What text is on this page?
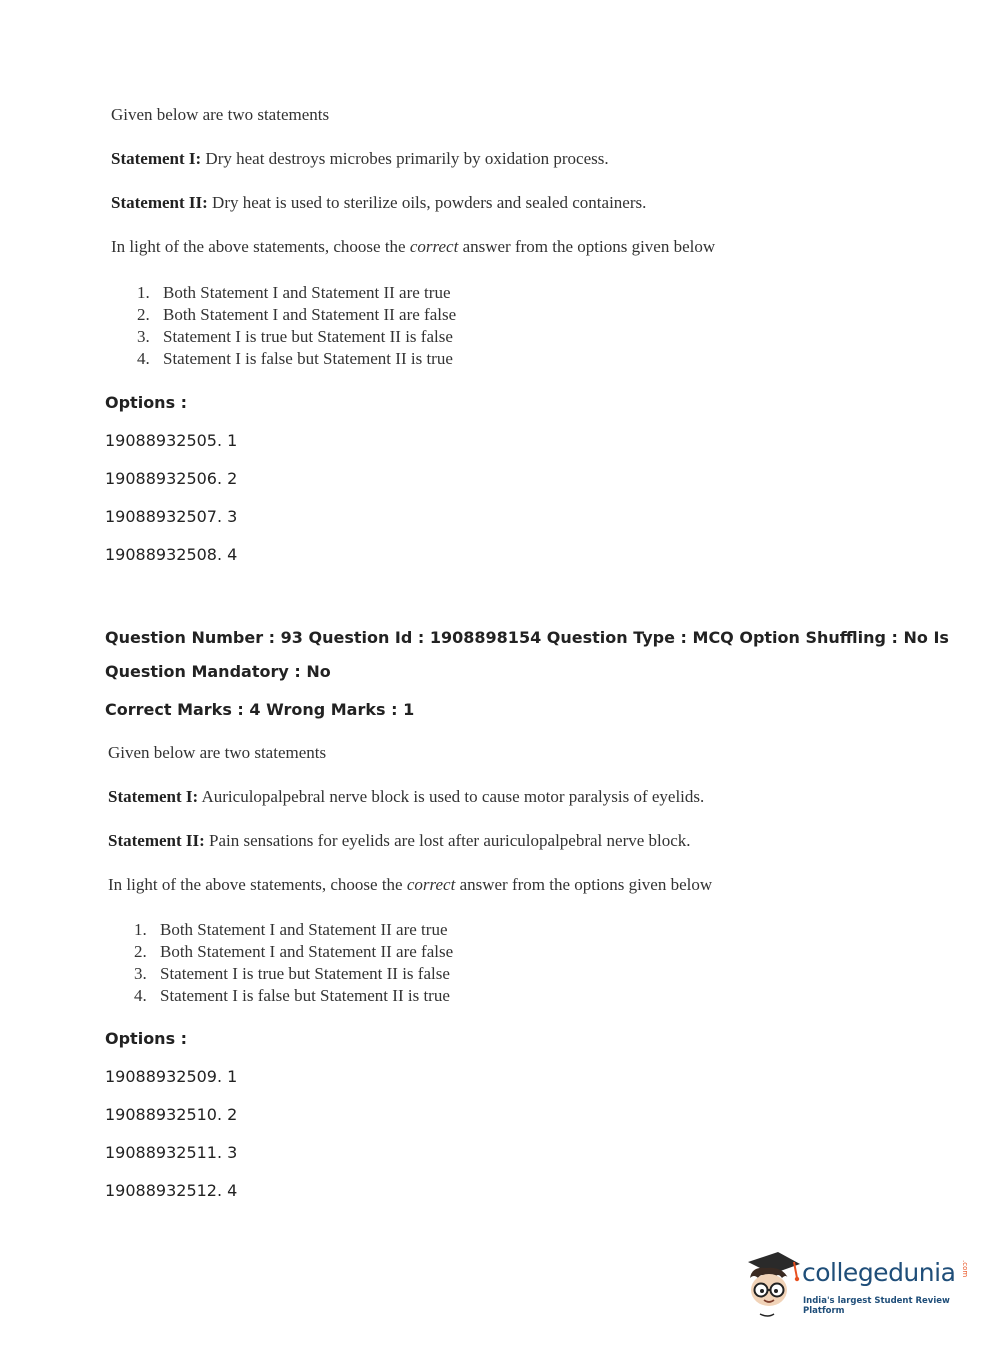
Given below are two statements
Statement I: Dry heat destroys microbes primarily by oxidation process.
Statement II: Dry heat is used to sterilize oils, powders and sealed containers.
In light of the above statements, choose the correct answer from the options given below
1. Both Statement I and Statement II are true
2. Both Statement I and Statement II are false
3. Statement I is true but Statement II is false
4. Statement I is false but Statement II is true
Options :
19088932505. 1
19088932506. 2
19088932507. 3
19088932508. 4
Question Number : 93 Question Id : 1908898154 Question Type : MCQ Option Shuffling : No Is
Question Mandatory : No
Correct Marks : 4 Wrong Marks : 1
Given below are two statements
Statement I: Auriculopalpebral nerve block is used to cause motor paralysis of eyelids.
Statement II: Pain sensations for eyelids are lost after auriculopalpebral nerve block.
In light of the above statements, choose the correct answer from the options given below
1. Both Statement I and Statement II are true
2. Both Statement I and Statement II are false
3. Statement I is true but Statement II is false
4. Statement I is false but Statement II is true
Options :
19088932509. 1
19088932510. 2
19088932511. 3
19088932512. 4
collegedunia .com
India's largest Student Review Platform
